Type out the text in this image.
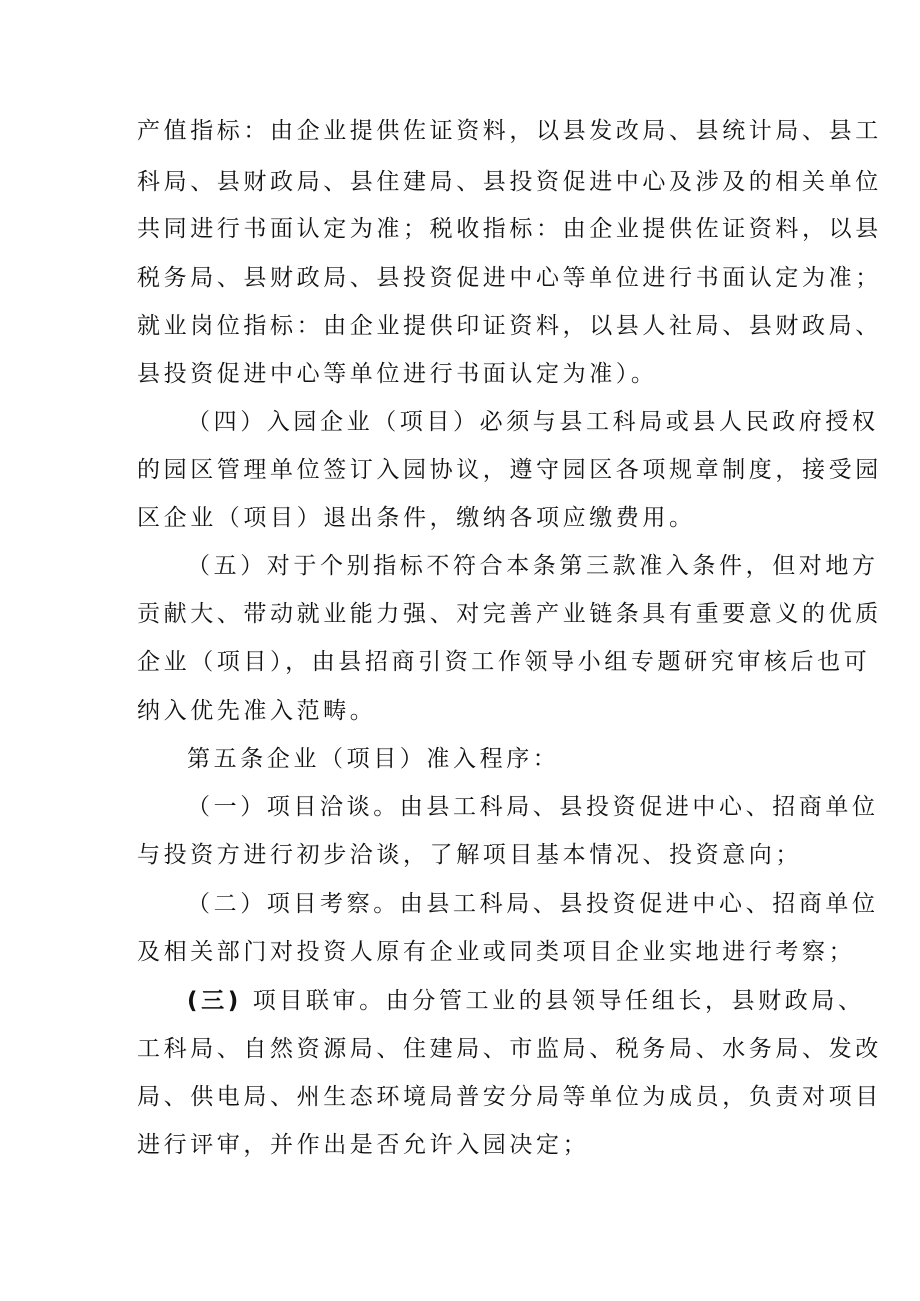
产值指标：由企业提供佐证资料，以县发改局、县统计局、县工
科局、县财政局、县住建局、县投资促进中心及涉及的相关单位
共同进行书面认定为准；税收指标：由企业提供佐证资料，以县
税务局、县财政局、县投资促进中心等单位进行书面认定为准；
就业岗位指标：由企业提供印证资料，以县人社局、县财政局、
县投资促进中心等单位进行书面认定为准）。
（四）入园企业（项目）必须与县工科局或县人民政府授权
的园区管理单位签订入园协议，遵守园区各项规章制度，接受园
区企业（项目）退出条件，缴纳各项应缴费用。
（五）对于个别指标不符合本条第三款准入条件，但对地方
贡献大、带动就业能力强、对完善产业链条具有重要意义的优质
企业（项目），由县招商引资工作领导小组专题研究审核后也可
纳入优先准入范畴。
第五条企业（项目）准入程序：
（一）项目洽谈。由县工科局、县投资促进中心、招商单位
与投资方进行初步洽谈，了解项目基本情况、投资意向；
（二）项目考察。由县工科局、县投资促进中心、招商单位
及相关部门对投资人原有企业或同类项目企业实地进行考察；
(三) 项目联审。由分管工业的县领导任组长，县财政局、
工科局、自然资源局、住建局、市监局、税务局、水务局、发改
局、供电局、州生态环境局普安分局等单位为成员，负责对项目
进行评审，并作出是否允许入园决定；
